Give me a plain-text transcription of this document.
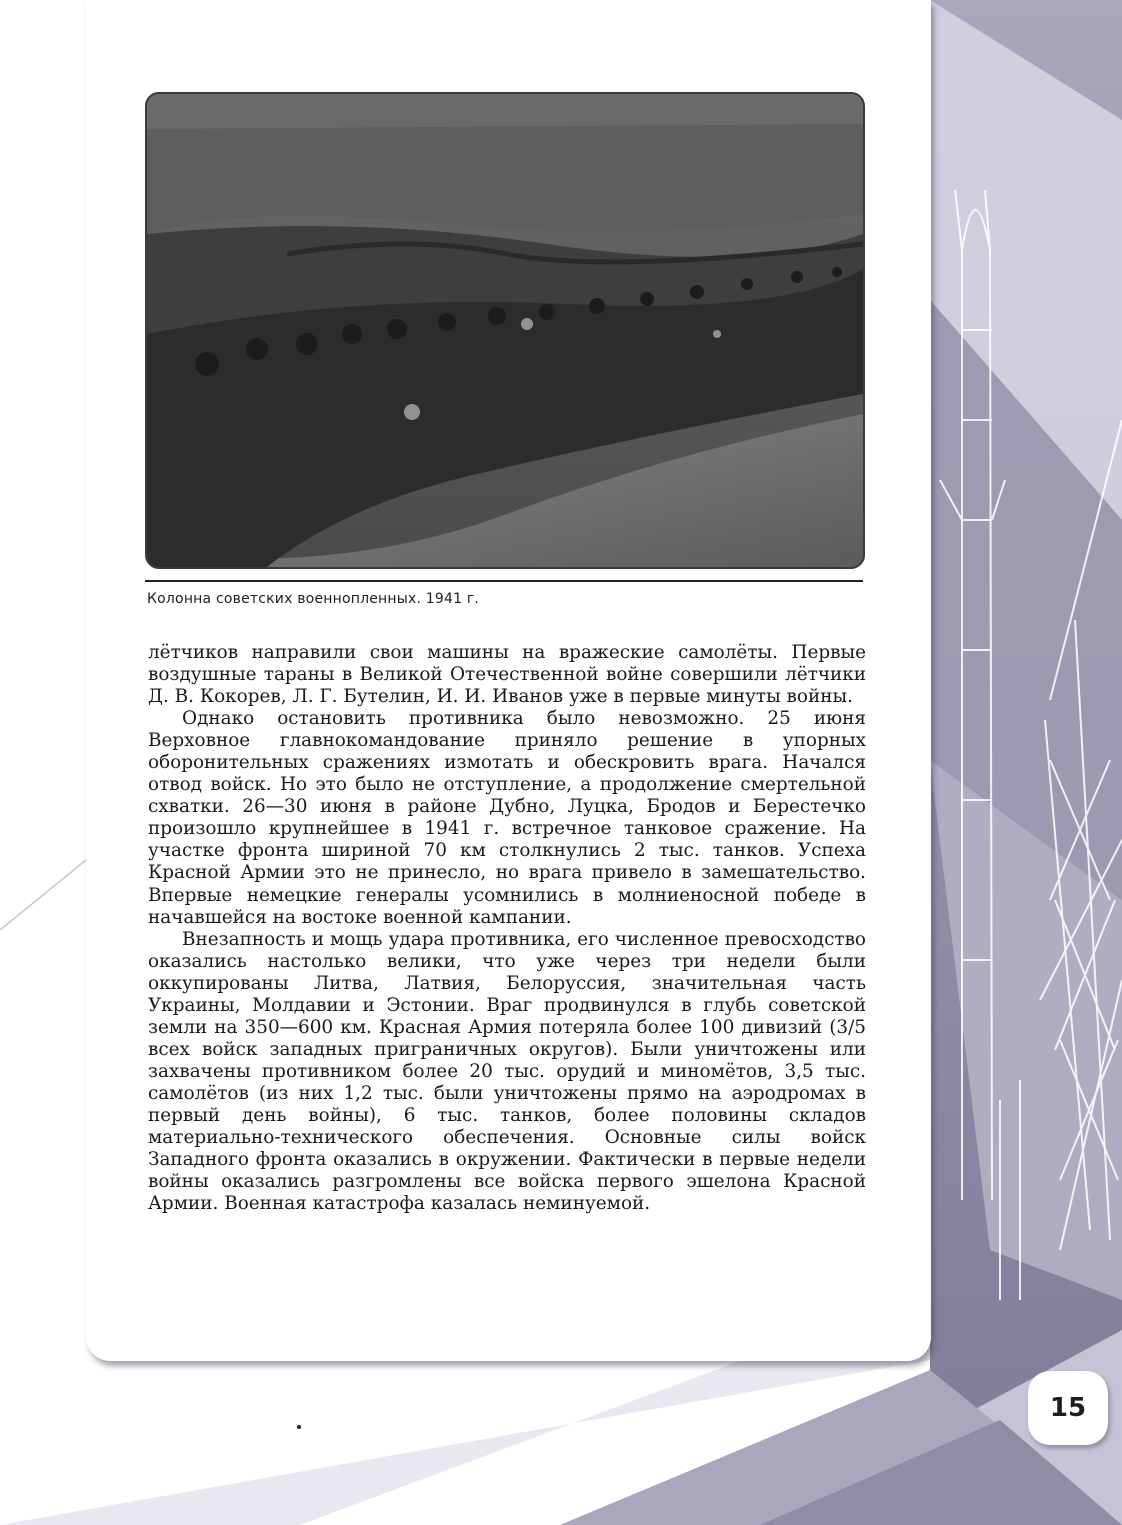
Колонна советских военнопленных. 1941 г.

лётчиков направили свои машины на вражеские самолёты. Первые воздушные тараны в Великой Отечественной войне совершили лётчики Д. В. Кокорев, Л. Г. Бутелин, И. И. Иванов уже в первые минуты войны.

Однако остановить противника было невозможно. 25 июня Верховное главнокомандование приняло решение в упорных оборонительных сражениях измотать и обескровить врага. Начался отвод войск. Но это было не отступление, а продолжение смертельной схватки. 26—30 июня в районе Дубно, Луцка, Бродов и Берестечко произошло крупнейшее в 1941 г. встречное танковое сражение. На участке фронта шириной 70 км столкнулись 2 тыс. танков. Успеха Красной Армии это не принесло, но врага привело в замешательство. Впервые немецкие генералы усомнились в молниеносной победе в начавшейся на востоке военной кампании.

Внезапность и мощь удара противника, его численное превосходство оказались настолько велики, что уже через три недели были оккупированы Литва, Латвия, Белоруссия, значительная часть Украины, Молдавии и Эстонии. Враг продвинулся в глубь советской земли на 350—600 км. Красная Армия потеряла более 100 дивизий (3/5 всех войск западных приграничных округов). Были уничтожены или захвачены противником более 20 тыс. орудий и миномётов, 3,5 тыс. самолётов (из них 1,2 тыс. были уничтожены прямо на аэродромах в первый день войны), 6 тыс. танков, более половины складов материально-технического обеспечения. Основные силы войск Западного фронта оказались в окружении. Фактически в первые недели войны оказались разгромлены все войска первого эшелона Красной Армии. Военная катастрофа казалась неминуемой.

15
